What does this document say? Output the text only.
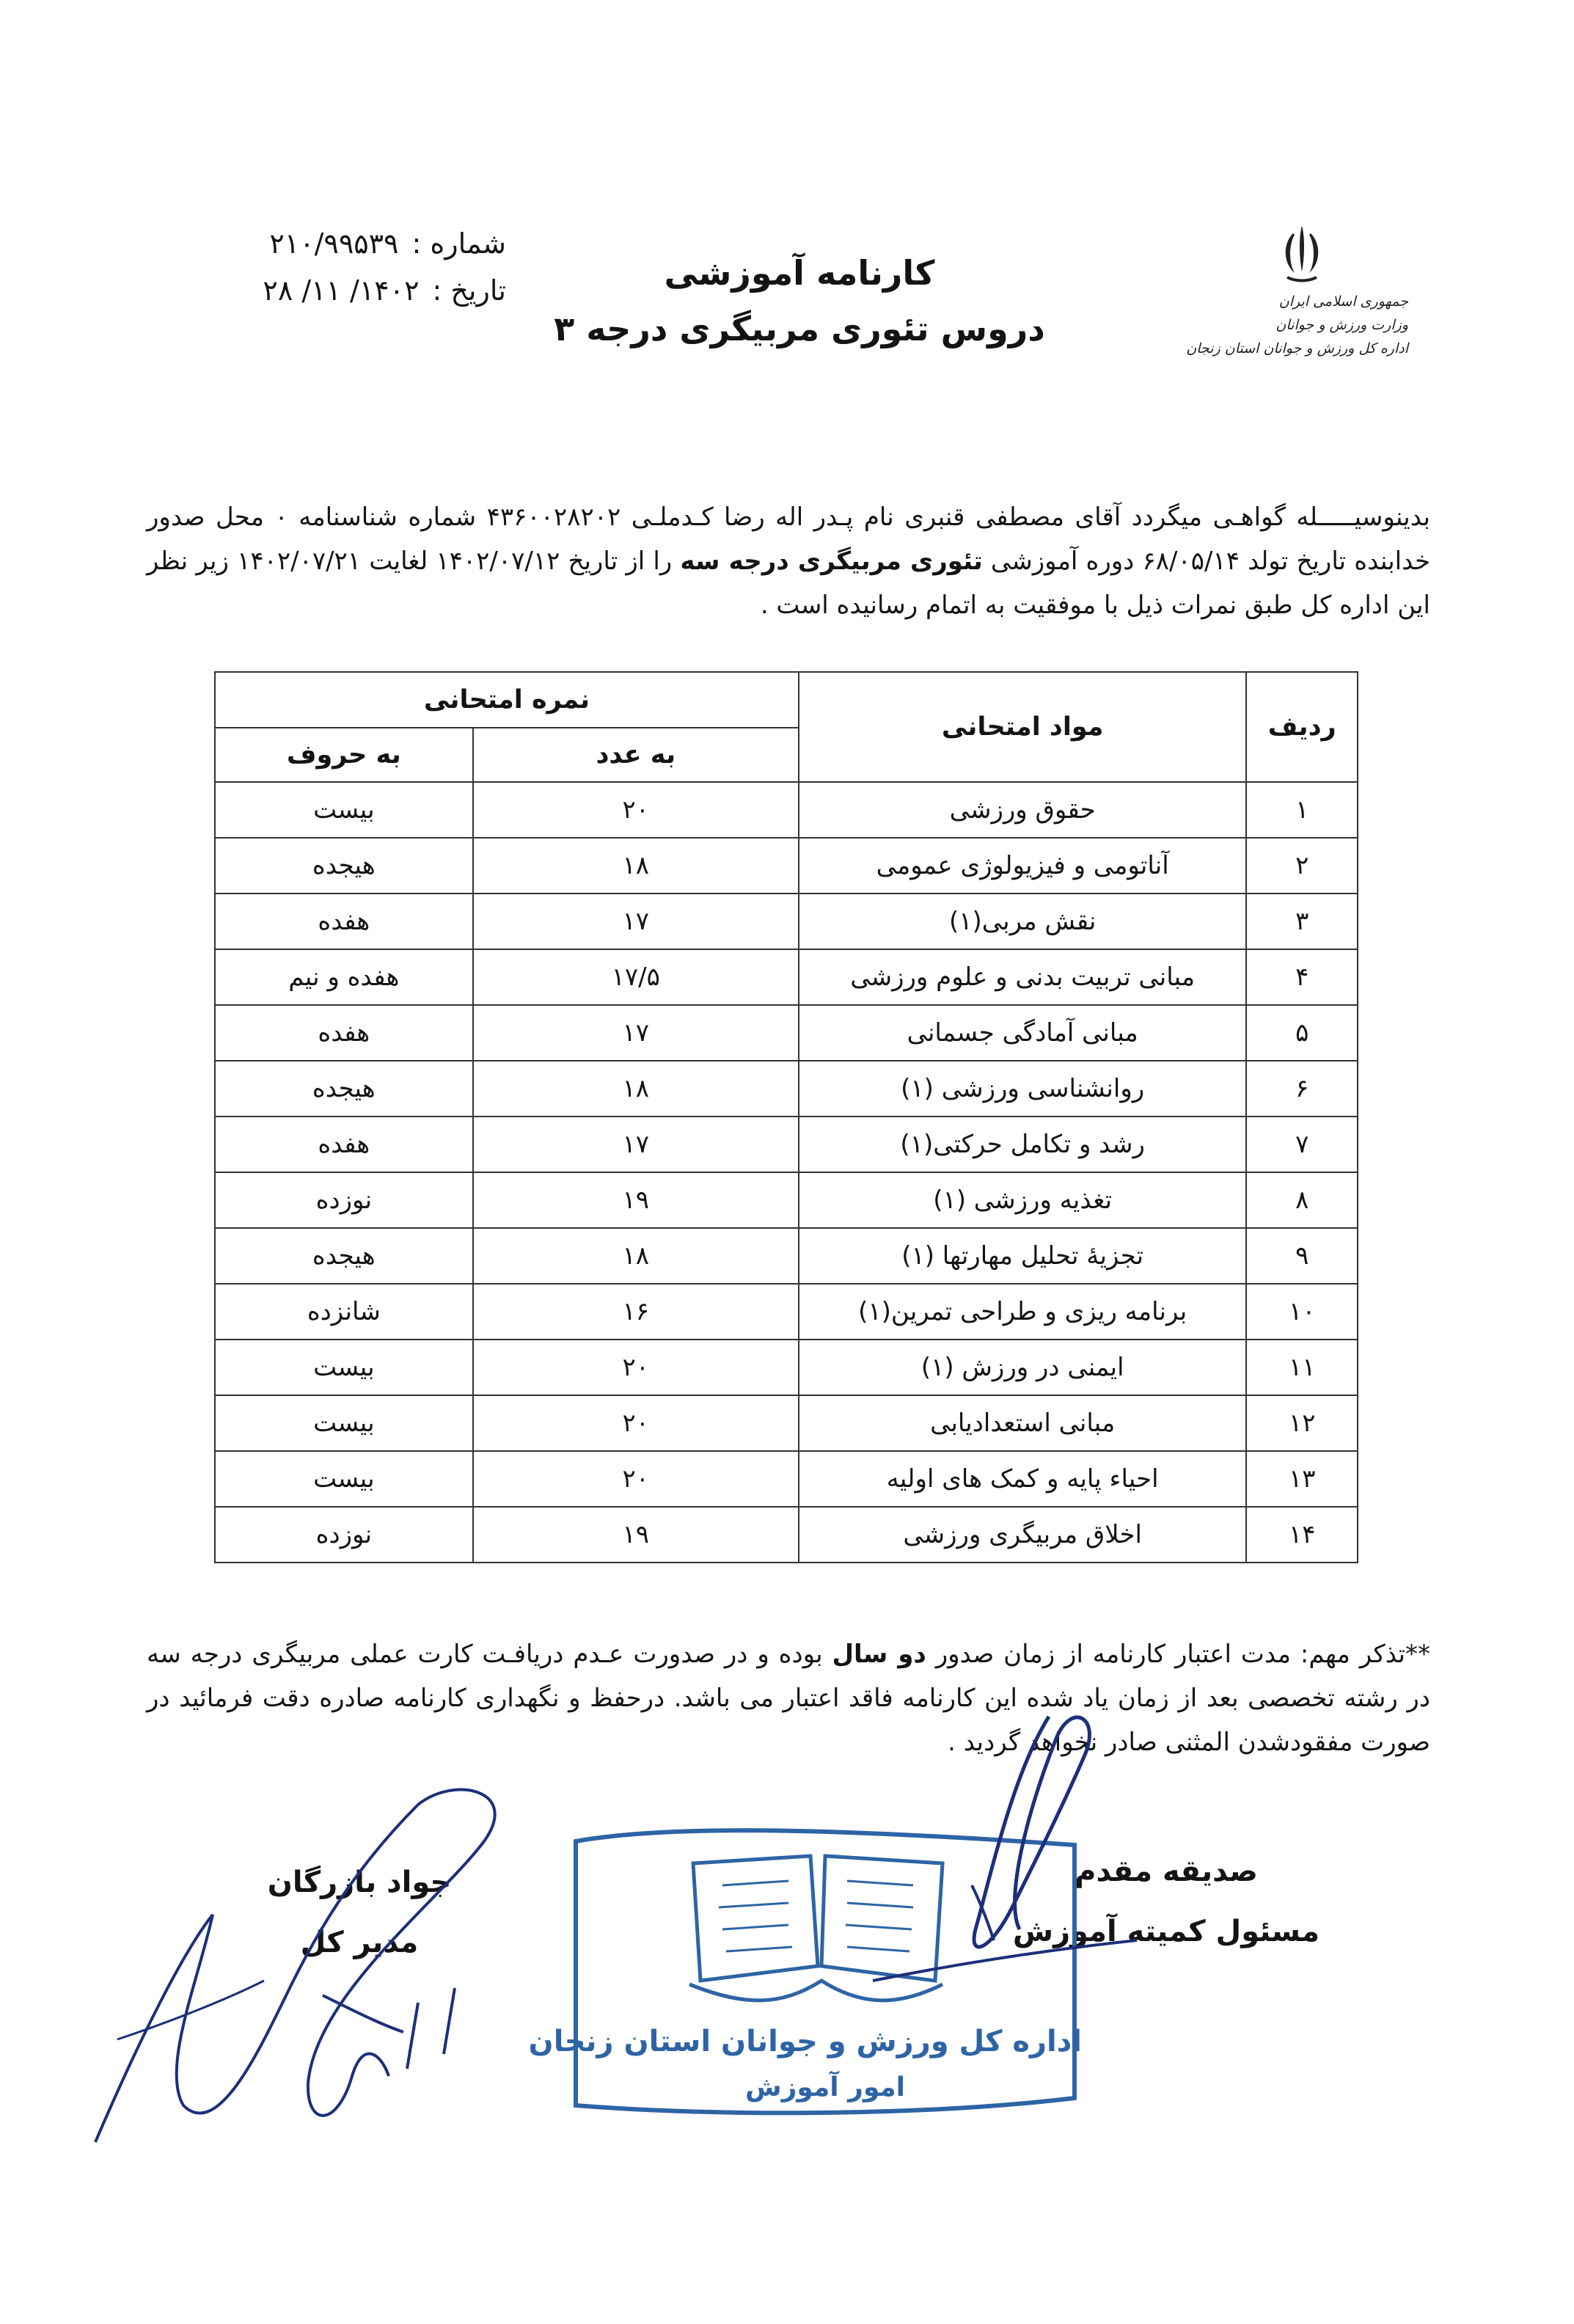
جمهوری اسلامی ایران
وزارت ورزش و جوانان
اداره کل ورزش و جوانان استان زنجان
کارنامه آموزشی
دروس تئوری مربیگری درجه ۳
شماره :۲۱۰/۹۹۵۳۹
تاریخ :۱۴۰۲/ ۱۱/ ۲۸
بدینوسیـــــله گواهـی میگردد آقای مصطفی قنبری نام پـدر اله رضا کـدملـی ۴۳۶۰۰۲۸۲۰۲ شماره شناسنامه ۰ محل صدور خدابنده تاریخ تولد ۶۸/۰۵/۱۴ دوره آموزشی تئوری مربیگری درجه سه را از تاریخ ۱۴۰۲/۰۷/۱۲ لغایت ۱۴۰۲/۰۷/۲۱ زیر نظر این اداره کل طبق نمرات ذیل با موفقیت به اتمام رسانیده است .
ردیف	مواد امتحانی	نمره امتحانی	
		به عدد	به حروف
۱	حقوق ورزشی	۲۰	بیست
۲	آناتومی و فیزیولوژی عمومی	۱۸	هیجده
۳	نقش مربی(۱)	۱۷	هفده
۴	مبانی تربیت بدنی و علوم ورزشی	۱۷/۵	هفده و نیم
۵	مبانی آمادگی جسمانی	۱۷	هفده
۶	روانشناسی ورزشی (۱)	۱۸	هیجده
۷	رشد و تکامل حرکتی(۱)	۱۷	هفده
۸	تغذیه ورزشی (۱)	۱۹	نوزده
۹	تجزیهٔ تحلیل مهارتها (۱)	۱۸	هیجده
۱۰	برنامه ریزی و طراحی تمرین(۱)	۱۶	شانزده
۱۱	ایمنی در ورزش (۱)	۲۰	بیست
۱۲	مبانی استعدادیابی	۲۰	بیست
۱۳	احیاء پایه و کمک های اولیه	۲۰	بیست
۱۴	اخلاق مربیگری ورزشی	۱۹	نوزده
**تذکر مهم: مدت اعتبار کارنامه از زمان صدور دو سال بوده و در صدورت عـدم دریافـت کارت عملی مربیگری درجه سه در رشته تخصصی بعد از زمان یاد شده این کارنامه فاقد اعتبار می باشد. درحفظ و نگهداری کارنامه صادره دقت فرمائید در صورت مفقودشدن المثنی صادر نخواهد گردید .
جواد بازرگان
مدیر کل
صدیقه مقدم
مسئول کمیته آموزش
اداره کل ورزش و جوانان استان زنجان
امور آموزش
